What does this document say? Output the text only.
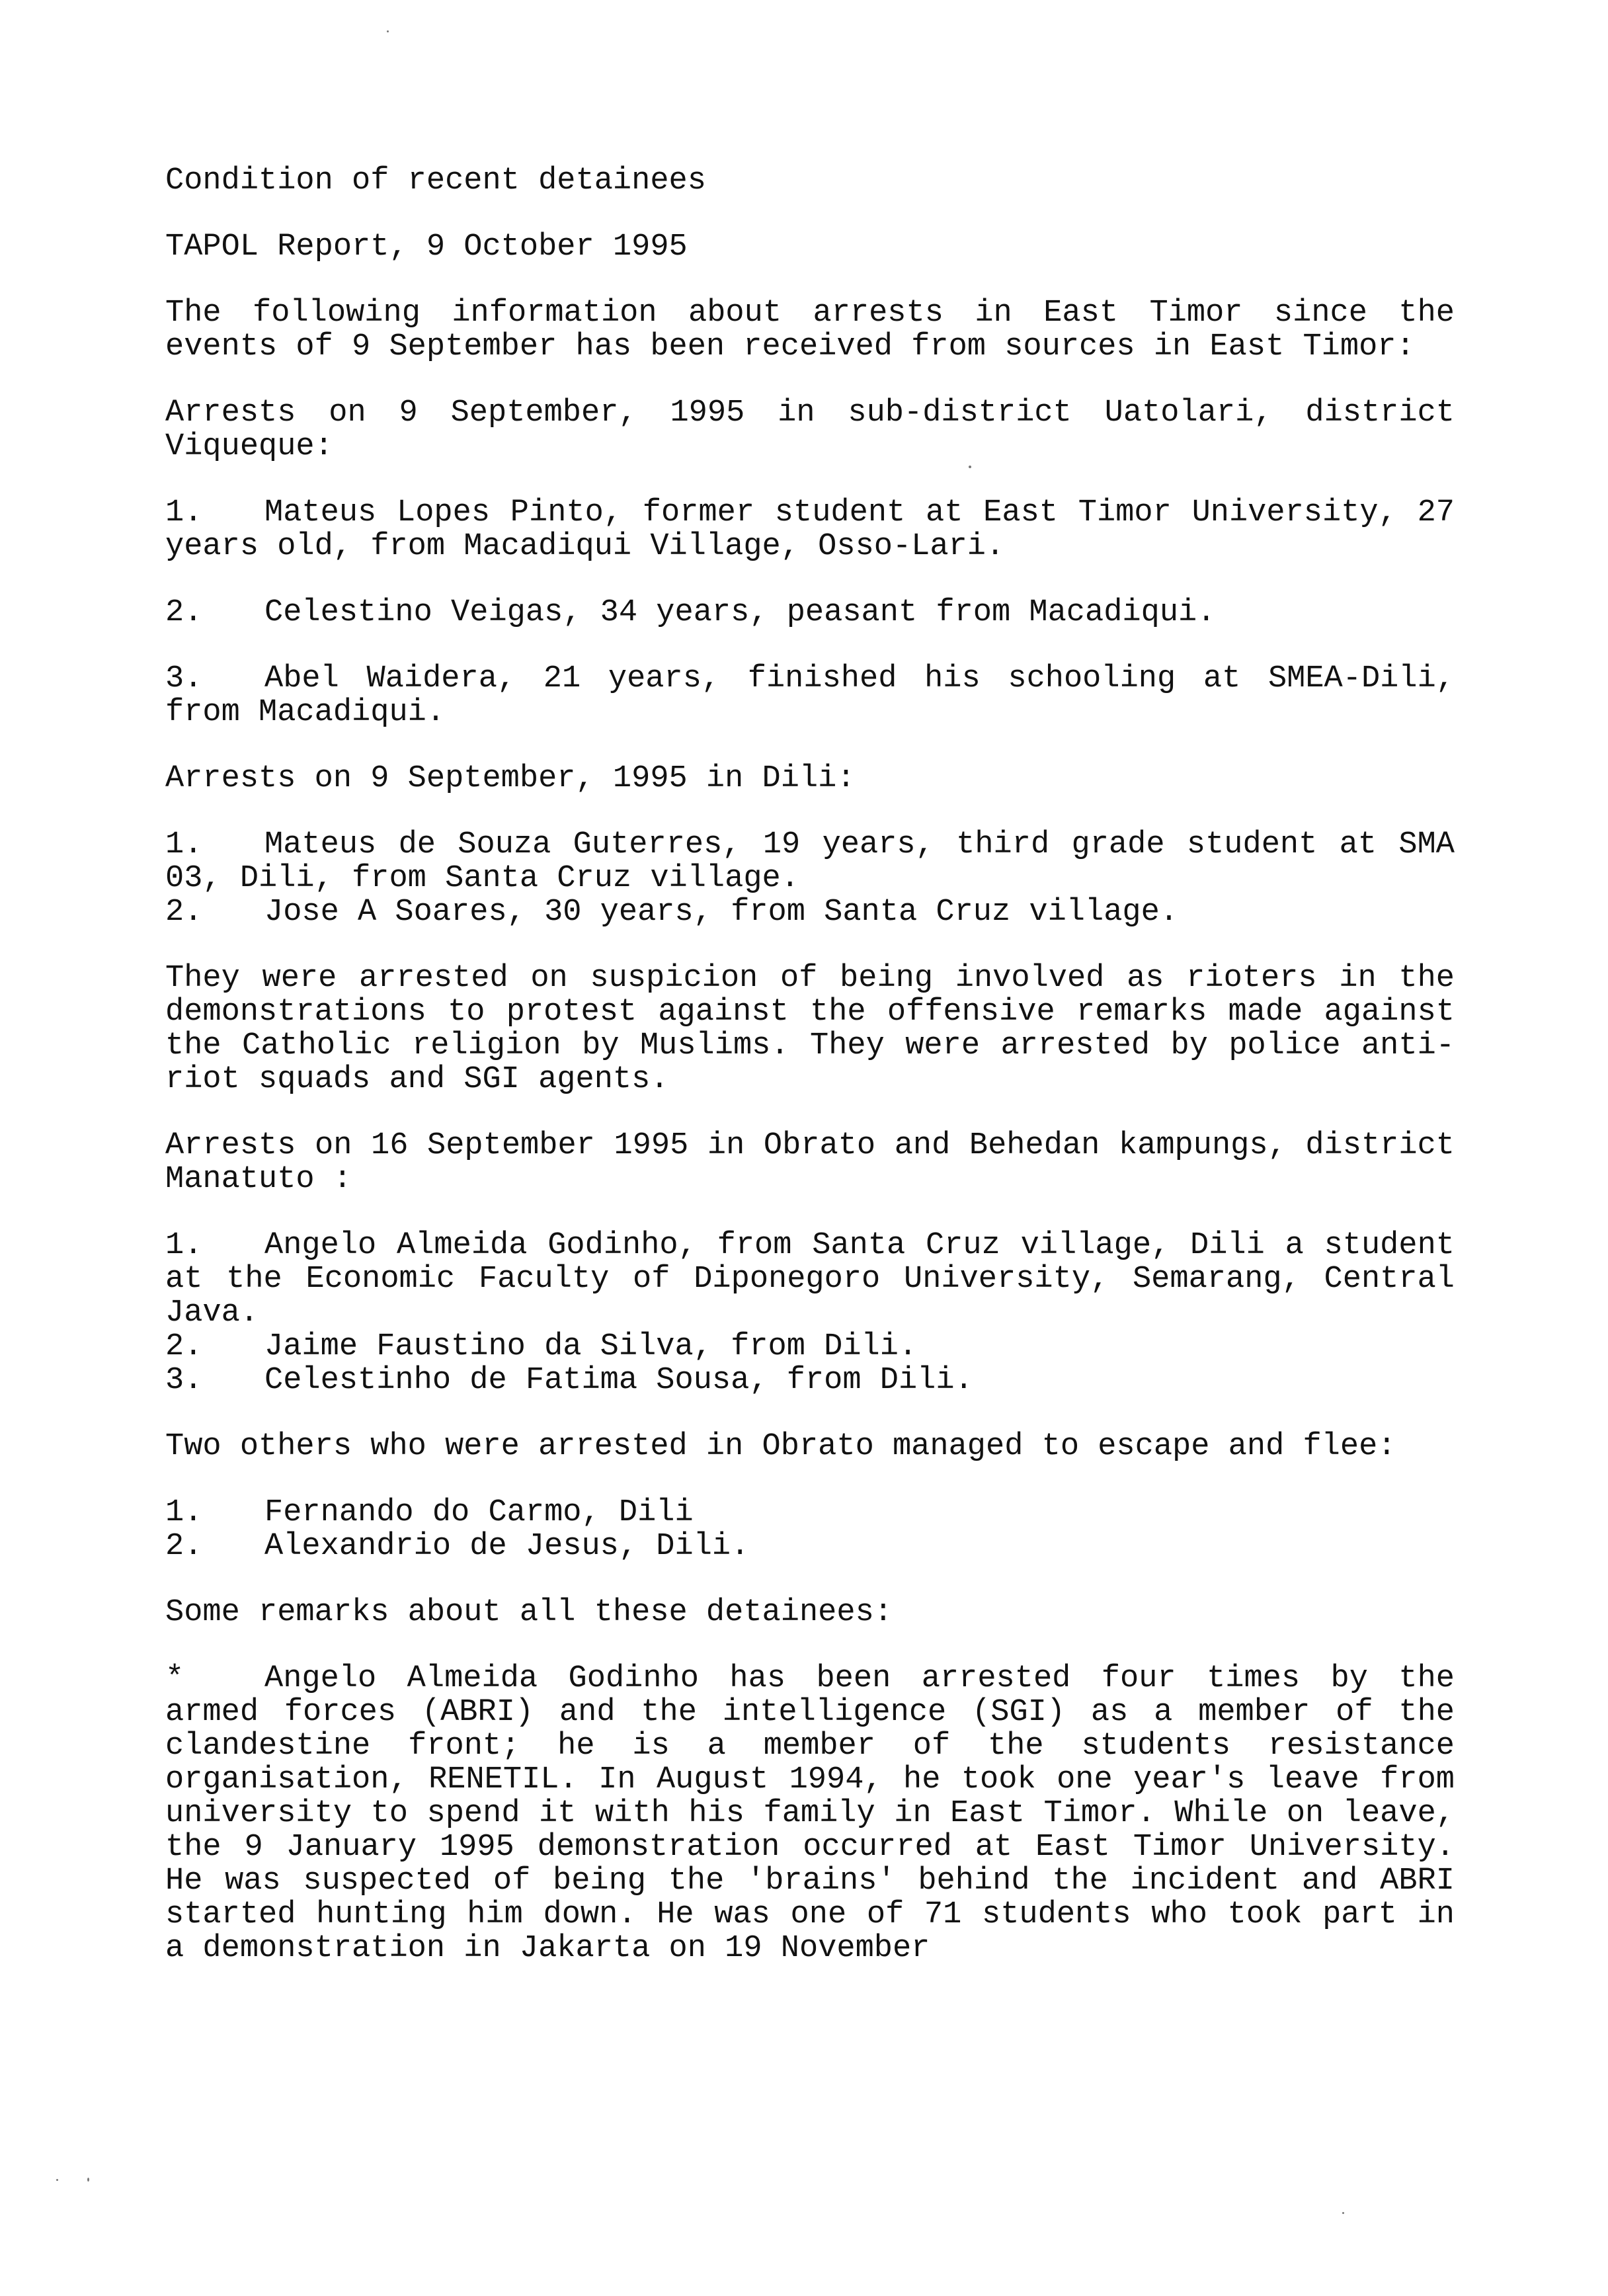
Condition of recent detainees

TAPOL Report, 9 October 1995

The following information about arrests in East Timor since the events of 9 September has been received from sources in East Timor:

Arrests on 9 September, 1995 in sub-district Uatolari, district Viqueque:

1. Mateus Lopes Pinto, former student at East Timor University, 27 years old, from Macadiqui Village, Osso-Lari.

2. Celestino Veigas, 34 years, peasant from Macadiqui.

3. Abel Waidera, 21 years, finished his schooling at SMEA-Dili, from Macadiqui.

Arrests on 9 September, 1995 in Dili:

1. Mateus de Souza Guterres, 19 years, third grade student at SMA 03, Dili, from Santa Cruz village.
2. Jose A Soares, 30 years, from Santa Cruz village.

They were arrested on suspicion of being involved as rioters in the demonstrations to protest against the offensive remarks made against the Catholic religion by Muslims. They were arrested by police anti-riot squads and SGI agents.

Arrests on 16 September 1995 in Obrato and Behedan kampungs, district Manatuto :

1. Angelo Almeida Godinho, from Santa Cruz village, Dili a student at the Economic Faculty of Diponegoro University, Semarang, Central Java.
2. Jaime Faustino da Silva, from Dili.
3. Celestinho de Fatima Sousa, from Dili.

Two others who were arrested in Obrato managed to escape and flee:

1. Fernando do Carmo, Dili
2. Alexandrio de Jesus, Dili.

Some remarks about all these detainees:

*	Angelo Almeida Godinho has been arrested four times by the armed forces (ABRI) and the intelligence (SGI) as a member of the clandestine front; he is a member of the students resistance organisation, RENETIL. In August 1994, he took one year's leave from university to spend it with his family in East Timor. While on leave, the 9 January 1995 demonstration occurred at East Timor University. He was suspected of being the 'brains' behind the incident and ABRI started hunting him down. He was one of 71 students who took part in a demonstration in Jakarta on 19 November
